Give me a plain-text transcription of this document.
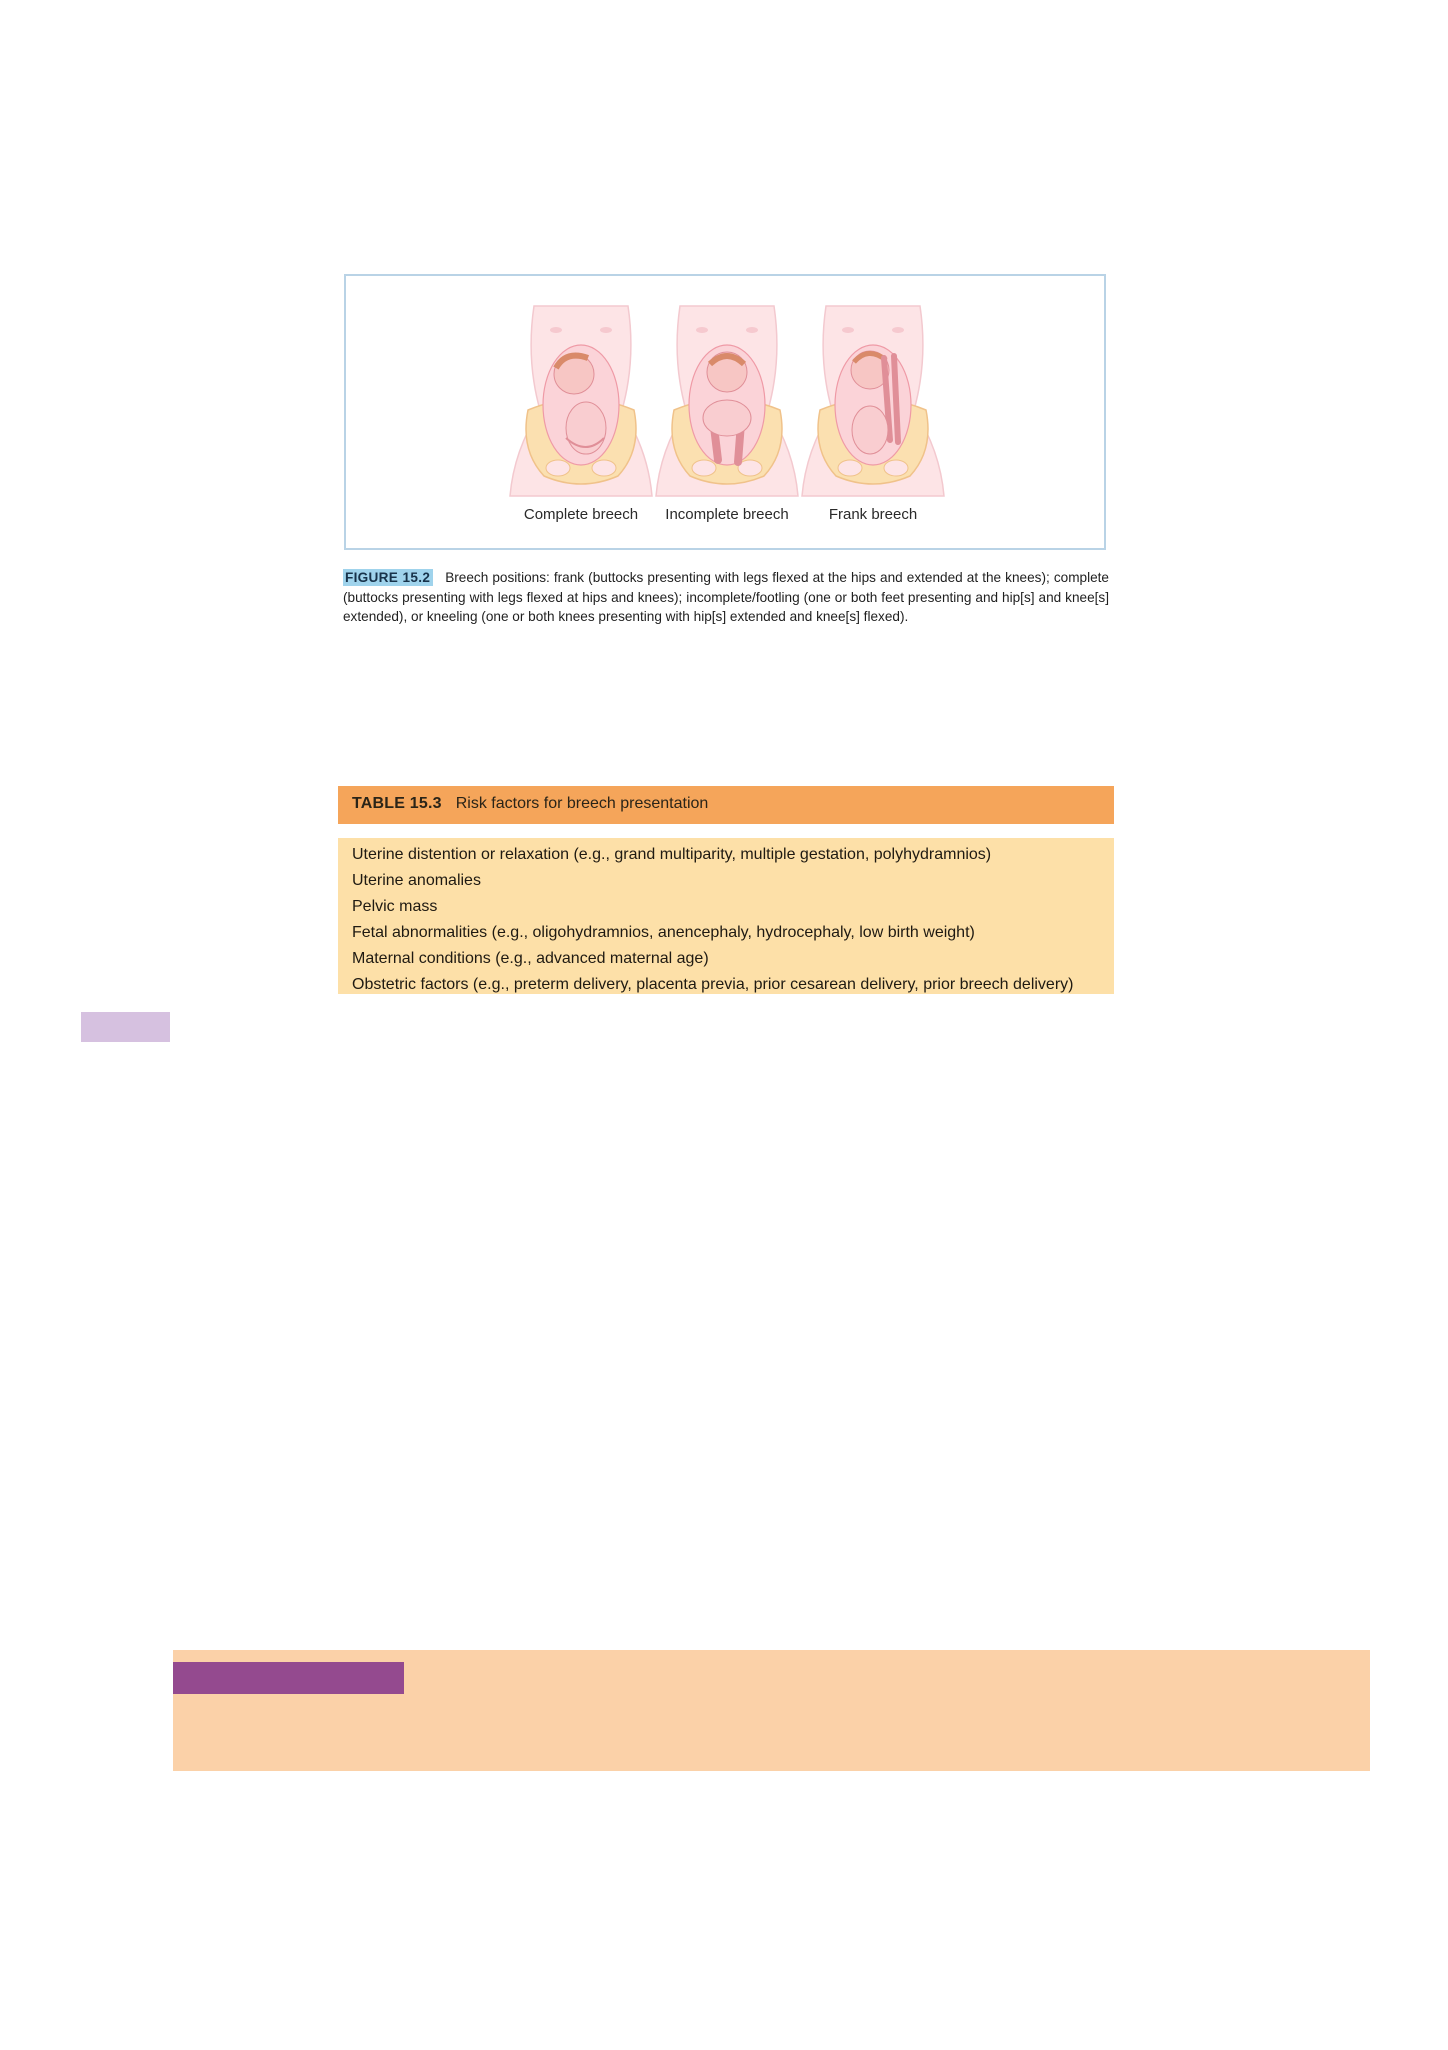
Complete breech	Incomplete breech	Frank breech
FIGURE 15.2 Breech positions: frank (buttocks presenting with legs flexed at the hips and extended at the knees); complete (buttocks presenting with legs flexed at hips and knees); incomplete/footling (one or both feet presenting and hip[s] and knee[s] extended), or kneeling (one or both knees presenting with hip[s] extended and knee[s] flexed).
TABLE 15.3 Risk factors for breech presentation
Uterine distention or relaxation (e.g., grand multiparity, multiple gestation, polyhydramnios)
Uterine anomalies
Pelvic mass
Fetal abnormalities (e.g., oligohydramnios, anencephaly, hydrocephaly, low birth weight)
Maternal conditions (e.g., advanced maternal age)
Obstetric factors (e.g., preterm delivery, placenta previa, prior cesarean delivery, prior breech delivery)
